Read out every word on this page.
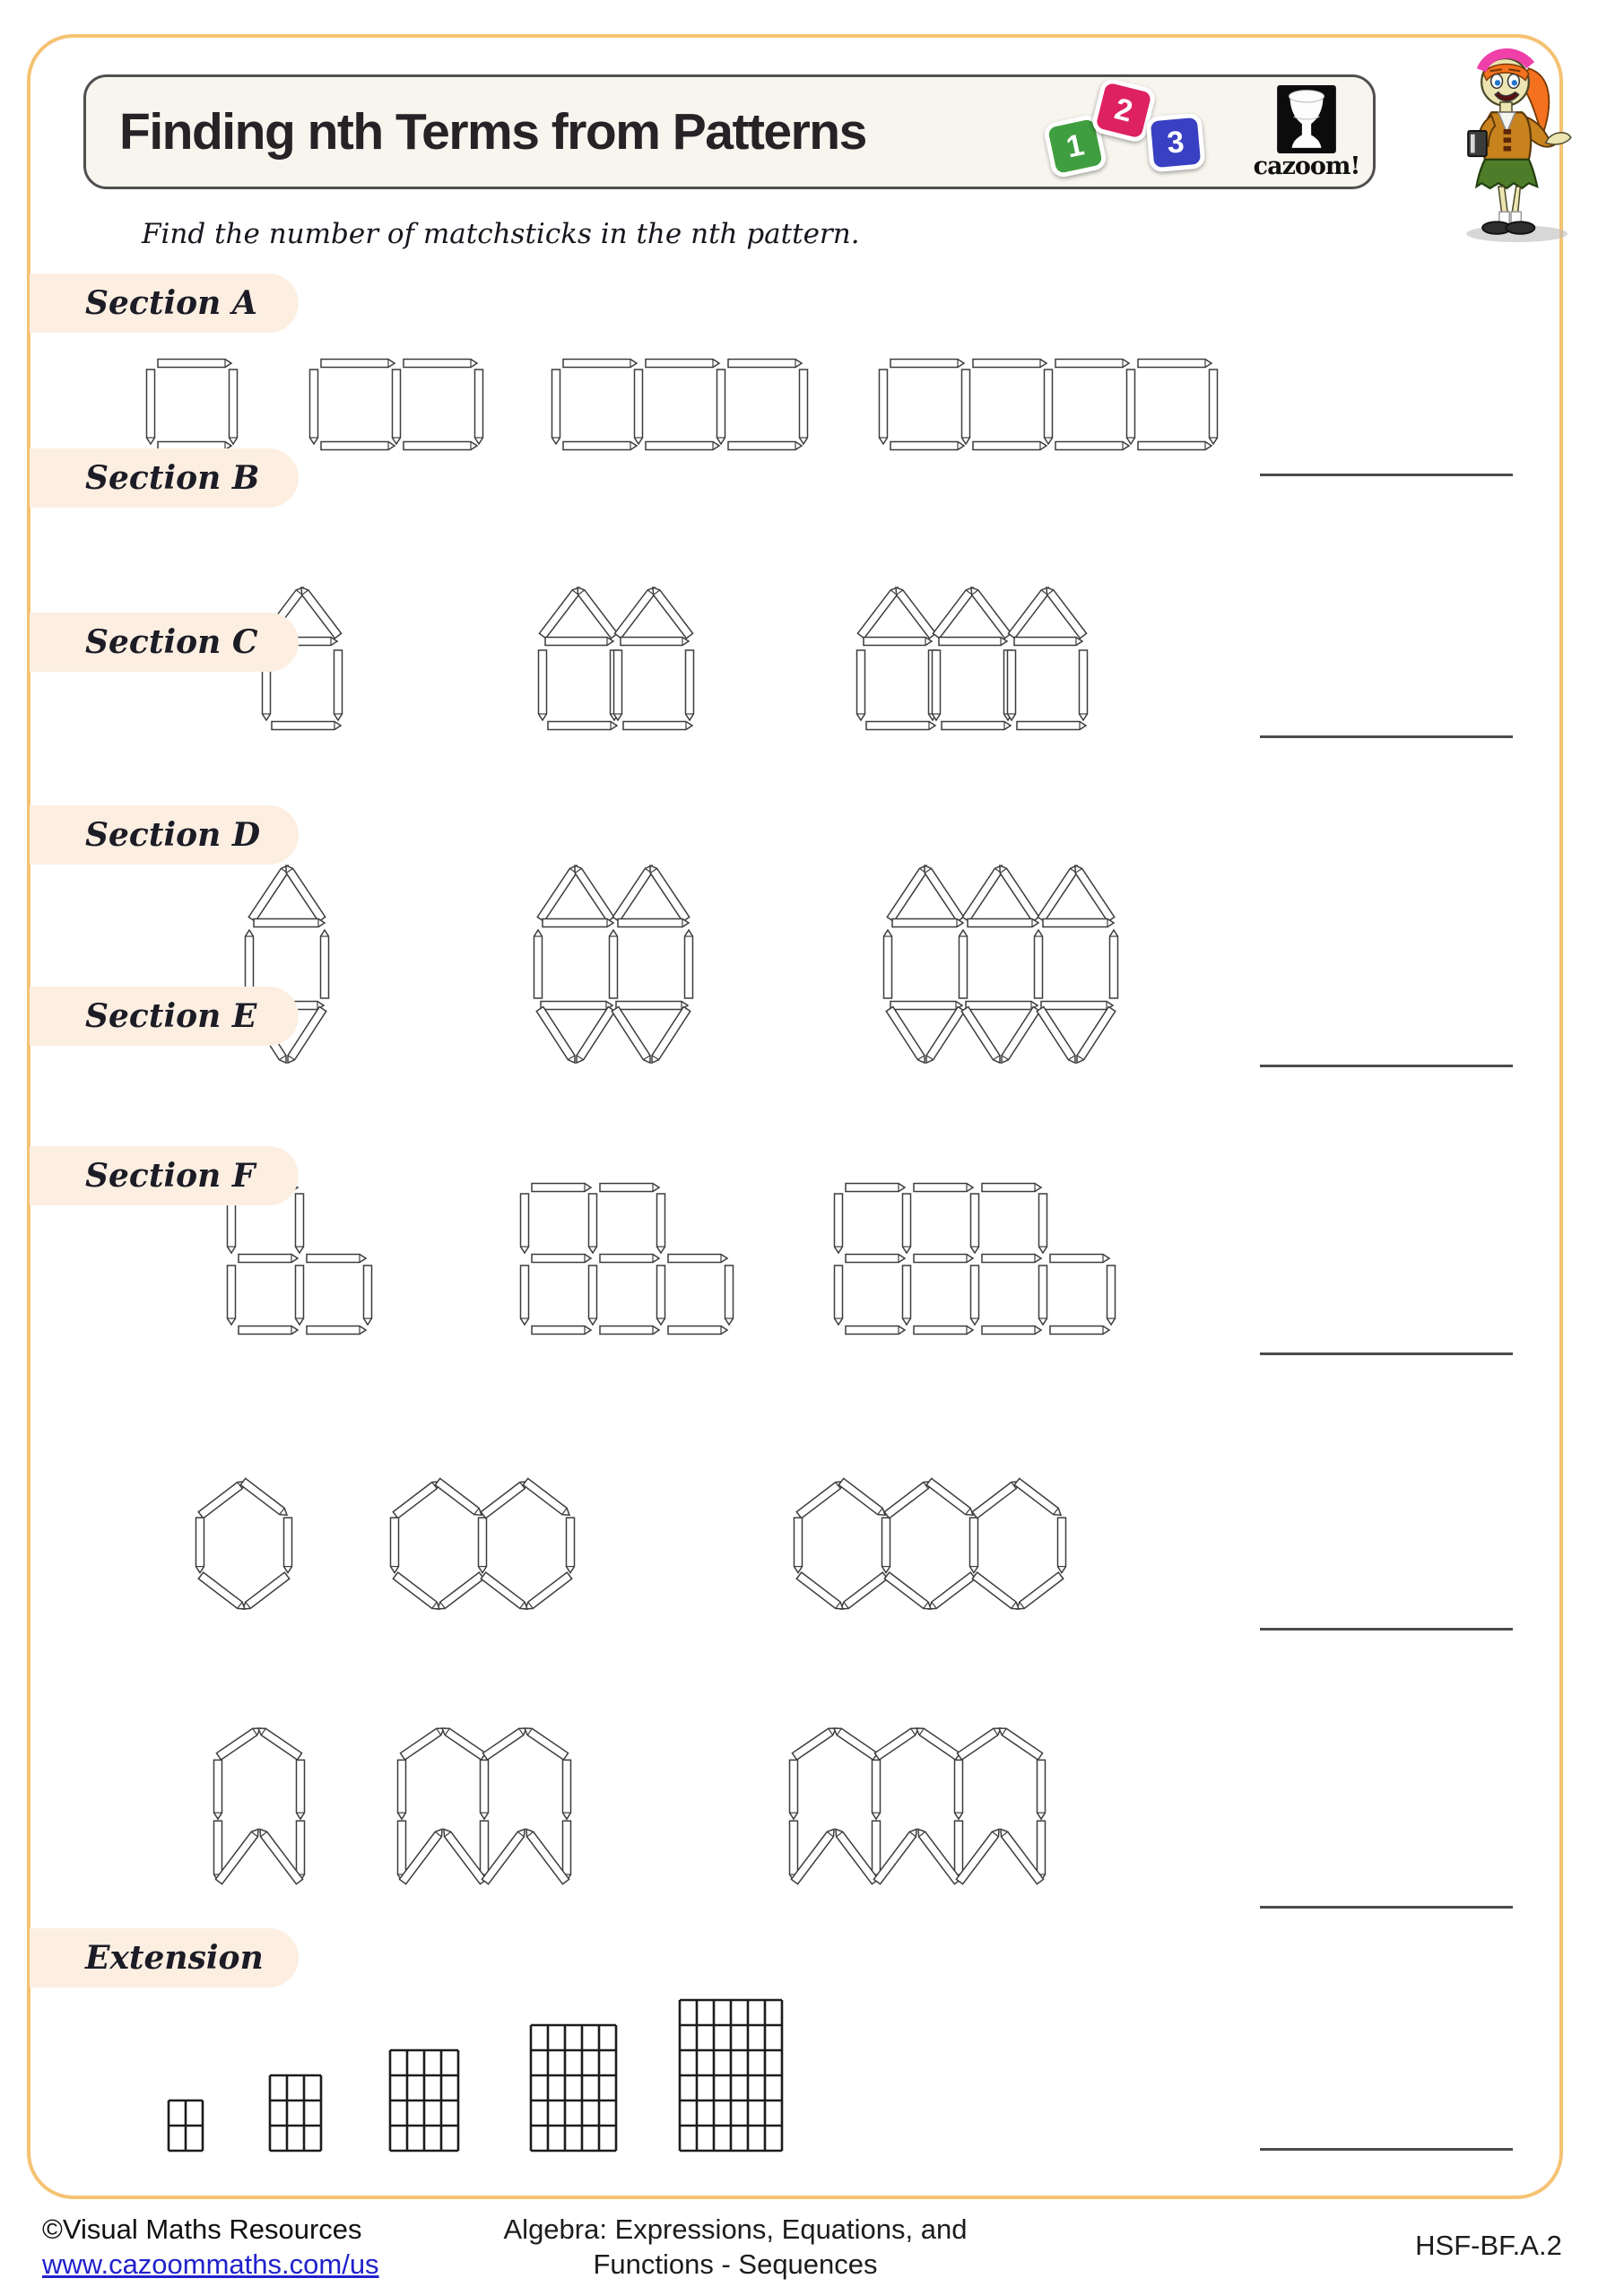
Finding nth Terms from Patterns	1
2
3
cazoom!
Find the number of matchsticks in the nth pattern.
©Visual Maths Resources
www.cazoommaths.com/us
Algebra: Expressions, Equations, and
Functions - Sequences
HSF-BF.A.2
Section A
Section B
Section C
Section D
Section E
Section F
Extension
